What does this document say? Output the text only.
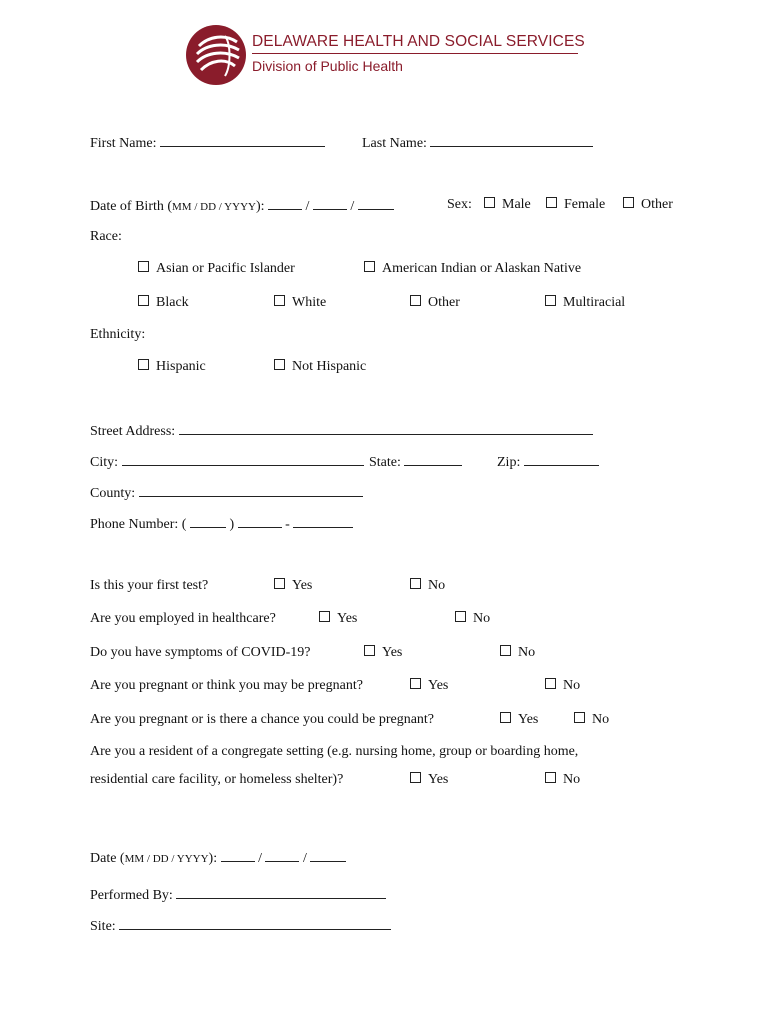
DELAWARE HEALTH AND SOCIAL SERVICES
Division of Public Health
First Name:	Last Name:
Date of Birth (MM / DD / YYYY):	/	/	Sex:	Male	Female	Other
Race:
Asian or Pacific Islander	American Indian or Alaskan Native
Black	White	Other	Multiracial
Ethnicity:
Hispanic	Not Hispanic
Street Address:
City:	State:	Zip:
County:
Phone Number: (	)	-
Is this your first test?	Yes	No
Are you employed in healthcare?	Yes	No
Do you have symptoms of COVID-19?	Yes	No
Are you pregnant or think you may be pregnant?	Yes	No
Are you pregnant or is there a chance you could be pregnant?	Yes	No
Are you a resident of a congregate setting (e.g. nursing home, group or boarding home,
residential care facility, or homeless shelter)?	Yes	No
Date (MM / DD / YYYY):	/	/
Performed By:
Site:
